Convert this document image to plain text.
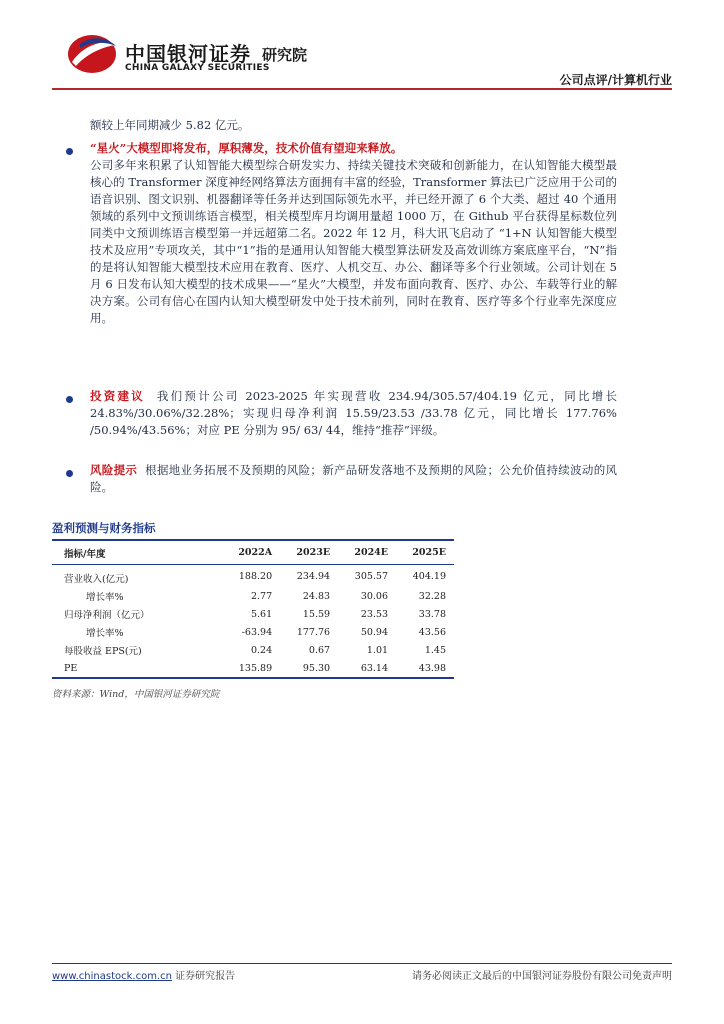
中国银河证券 研究院
CHINA GALAXY SECURITIES
公司点评/计算机行业

额较上年同期减少 5.82 亿元。

“星火”大模型即将发布，厚积薄发，技术价值有望迎来释放。

公司多年来积累了认知智能大模型综合研发实力、持续关键技术突破和创新能力，在认知智能大模型最核心的 Transformer 深度神经网络算法方面拥有丰富的经验，Transformer 算法已广泛应用于公司的语音识别、图文识别、机器翻译等任务并达到国际领先水平，并已经开源了 6 个大类、超过 40 个通用领域的系列中文预训练语言模型，相关模型库月均调用量超 1000 万，在 Github 平台获得星标数位列同类中文预训练语言模型第一并远超第二名。2022 年 12 月，科大讯飞启动了 “1+N 认知智能大模型技术及应用”专项攻关，其中“1”指的是通用认知智能大模型算法研发及高效训练方案底座平台，“N”指的是将认知智能大模型技术应用在教育、医疗、人机交互、办公、翻译等多个行业领域。公司计划在 5 月 6 日发布认知大模型的技术成果——“星火”大模型，并发布面向教育、医疗、办公、车载等行业的解决方案。公司有信心在国内认知大模型研发中处于技术前列，同时在教育、医疗等多个行业率先深度应用。

投资建议 我们预计公司 2023-2025 年实现营收 234.94/305.57/404.19 亿元，同比增长 24.83%/30.06%/32.28%；实现归母净利润 15.59/23.53 /33.78 亿元，同比增长 177.76% /50.94%/43.56%；对应 PE 分别为 95/ 63/ 44，维持“推荐”评级。

风险提示 根据地业务拓展不及预期的风险；新产品研发落地不及预期的风险；公允价值持续波动的风险。

盈利预测与财务指标
指标/年度	2022A	2023E	2024E	2025E
营业收入(亿元)	188.20	234.94	305.57	404.19
增长率%	2.77	24.83	30.06	32.28
归母净利润（亿元）	5.61	15.59	23.53	33.78
增长率%	-63.94	177.76	50.94	43.56
每股收益 EPS(元)	0.24	0.67	1.01	1.45
PE	135.89	95.30	63.14	43.98
资料来源：Wind，中国银河证券研究院
www.chinastock.com.cn 证券研究报告	请务必阅读正文最后的中国银河证券股份有限公司免责声明
